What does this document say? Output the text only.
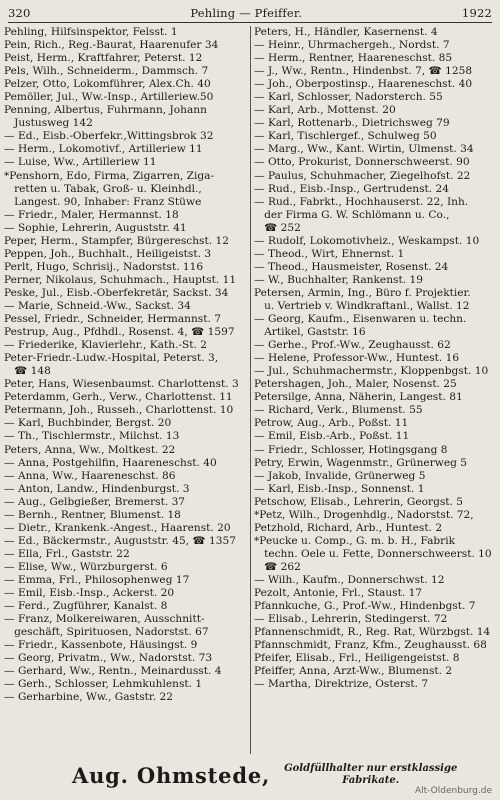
320	Pehling — Pfeiffer.	1922
Pehling, Hilfsinspektor, Felsst. 1
Pein, Rich., Reg.-Baurat, Haarenufer 34
Peist, Herm., Kraftfahrer, Peterst. 12
Pels, Wilh., Schneiderm., Dammsch. 7
Pelzer, Otto, Lokomführer, Alex.Ch. 40
Pemöller, Jul., Ww.-Insp., Artilleriew.50
Penning, Albertus, Fuhrmann, Johann
Justusweg 142
— Ed., Eisb.-Oberfekr.,Wittingsbrok 32
— Herm., Lokomotivf., Artilleriew 11
— Luise, Ww., Artilleriew 11
*Penshorn, Edo, Firma, Zigarren, Ziga-
retten u. Tabak, Groß- u. Kleinhdl.,
Langest. 90, Inhaber: Franz Stüwe
— Friedr., Maler, Hermannst. 18
— Sophie, Lehrerin, Auguststr. 41
Peper, Herm., Stampfer, Bürgereschst. 12
Peppen, Joh., Buchhalt., Heiligeistst. 3
Perlt, Hugo, Schrisij., Nadorstst. 116
Perner, Nikolaus, Schuhmach., Hauptst. 11
Peske, Jul., Eisb.-Oberfekretär, Sackst. 34
— Marie, Schneid.-Ww., Sackst. 34
Pessel, Friedr., Schneider, Hermannst. 7
Pestrup, Aug., Pfdhdl., Rosenst. 4, ☎ 1597
— Friederike, Klavierlehr., Kath.-St. 2
Peter-Friedr.-Ludw.-Hospital, Peterst. 3,
☎ 148
Peter, Hans, Wiesenbaumst. Charlottenst. 3
Peterdamm, Gerh., Verw., Charlottenst. 11
Petermann, Joh., Russeh., Charlottenst. 10
— Karl, Buchbinder, Bergst. 20
— Th., Tischlermstr., Milchst. 13
Peters, Anna, Ww., Moltkest. 22
— Anna, Postgehilfin, Haareneschst. 40
— Anna, Ww., Haareneschst. 86
— Anton, Landw., Hindenburgst. 3
— Aug., Gelbgießer, Bremerst. 37
— Bernh., Rentner, Blumenst. 18
— Dietr., Krankenk.-Angest., Haarenst. 20
— Ed., Bäckermstr., Auguststr. 45, ☎ 1357
— Ella, Frl., Gaststr. 22
— Elise, Ww., Würzburgerst. 6
— Emma, Frl., Philosophenweg 17
— Emil, Eisb.-Insp., Ackerst. 20
— Ferd., Zugführer, Kanalst. 8
— Franz, Molkereiwaren, Ausschnitt-
geschäft, Spirituosen, Nadorstst. 67
— Friedr., Kassenbote, Häusingst. 9
— Georg, Privatm., Ww., Nadorstst. 73
— Gerhard, Ww., Rentn., Meinardusst. 4
— Gerh., Schlosser, Lehmkuhlenst. 1
— Gerharbine, Ww., Gaststr. 22
Peters, H., Händler, Kasernenst. 4
— Heinr., Uhrmachergeh., Nordst. 7
— Herm., Rentner, Haareneschst. 85
— J., Ww., Rentn., Hindenbst. 7, ☎ 1258
— Joh., Oberpostinsp., Haareneschst. 40
— Karl, Schlosser, Nadorsterch. 55
— Karl, Arb., Mottenst. 20
— Karl, Rottenarb., Dietrichsweg 79
— Karl, Tischlergef., Schulweg 50
— Marg., Ww., Kant. Wirtin, Ulmenst. 34
— Otto, Prokurist, Donnerschweerst. 90
— Paulus, Schuhmacher, Ziegelhofst. 22
— Rud., Eisb.-Insp., Gertrudenst. 24
— Rud., Fabrkt., Hochhauserst. 22, Inh.
der Firma G. W. Schlömann u. Co.,
☎ 252
— Rudolf, Lokomotivheiz., Weskampst. 10
— Theod., Wirt, Ehnernst. 1
— Theod., Hausmeister, Rosenst. 24
— W., Buchhalter, Rankenst. 19
Petersen, Armin, Ing., Büro f. Projektier.
u. Vertrieb v. Windkraftanl., Wallst. 12
— Georg, Kaufm., Eisenwaren u. techn.
Artikel, Gaststr. 16
— Gerhe., Prof.-Ww., Zeughausst. 62
— Helene, Professor-Ww., Huntest. 16
— Jul., Schuhmachermstr., Kloppenbgst. 10
Petershagen, Joh., Maler, Nosenst. 25
Petersilge, Anna, Näherin, Langest. 81
— Richard, Verk., Blumenst. 55
Petrow, Aug., Arb., Poßst. 11
— Emil, Eisb.-Arb., Poßst. 11
— Friedr., Schlosser, Hotingsgang 8
Petry, Erwin, Wagenmstr., Grünerweg 5
— Jakob, Invalide, Grünerweg 5
— Karl, Eisb.-Insp., Sonnenst. 1
Petschow, Elisab., Lehrerin, Georgst. 5
*Petz, Wilh., Drogenhdlg., Nadorstst. 72,
Petzhold, Richard, Arb., Huntest. 2
*Peucke u. Comp., G. m. b. H., Fabrik
techn. Oele u. Fette, Donnerschweerst. 10
☎ 262
— Wilh., Kaufm., Donnerschwst. 12
Pezolt, Antonie, Frl., Staust. 17
Pfannkuche, G., Prof.-Ww., Hindenbgst. 7
— Elisab., Lehrerin, Stedingerst. 72
Pfannenschmidt, R., Reg. Rat, Würzbgst. 14
Pfannschmidt, Franz, Kfm., Zeughausst. 68
Pfeifer, Elisab., Frl., Heiligengeistst. 8
Pfeiffer, Anna, Arzt-Ww., Blumenst. 2
— Martha, Direktrize, Osterst. 7
Aug. Ohmstede, Goldfüllhalter nur erstklassige
Fabrikate.
Alt-Oldenburg.de
